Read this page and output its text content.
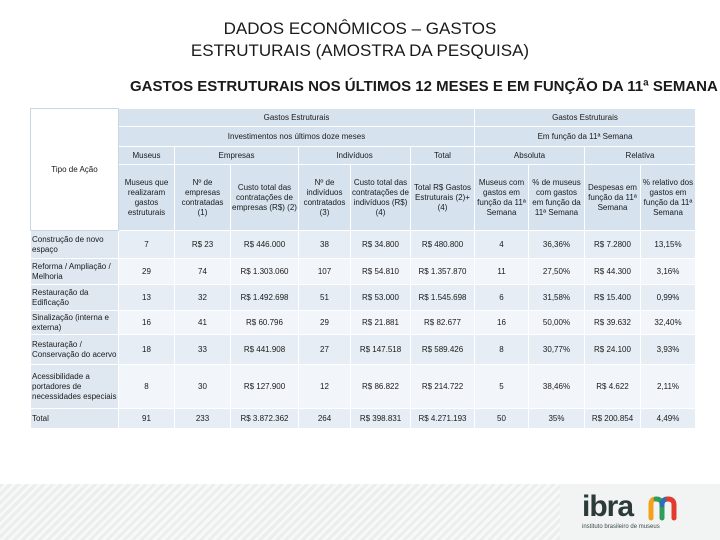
DADOS ECONÔMICOS – GASTOS
ESTRUTURAIS (AMOSTRA DA PESQUISA)
GASTOS ESTRUTURAIS NOS ÚLTIMOS 12 MESES E EM FUNÇÃO DA 11ª SEMANA
Tipo de Ação	Gastos Estruturais						Gastos Estruturais			
	Investimentos nos últimos doze meses						Em função da 11ª Semana			
	Museus	Empresas		Indivíduos		Total	Absoluta		Relativa	
	Museus que realizaram gastos estruturais	Nº de empresas contratadas (1)	Custo total das contratações de empresas (R$) (2)	Nº de indivíduos contratados (3)	Custo total das contratações de indivíduos (R$) (4)	Total R$ Gastos Estruturais (2)+(4)	Museus com gastos em função da 11ª Semana	% de museus com gastos em função da 11ª Semana	Despesas em função da 11ª Semana	% relativo dos gastos em função da 11ª Semana
Construção de novo espaço	7	R$ 23	R$ 446.000	38	R$ 34.800	R$ 480.800	4	36,36%	R$ 7.2800	13,15%
Reforma / Ampliação / Melhoria	29	74	R$ 1.303.060	107	R$ 54.810	R$ 1.357.870	11	27,50%	R$ 44.300	3,16%
Restauração da Edificação	13	32	R$ 1.492.698	51	R$ 53.000	R$ 1.545.698	6	31,58%	R$ 15.400	0,99%
Sinalização (interna e externa)	16	41	R$ 60.796	29	R$ 21.881	R$ 82.677	16	50,00%	R$ 39.632	32,40%
Restauração / Conservação do acervo	18	33	R$ 441.908	27	R$ 147.518	R$ 589.426	8	30,77%	R$ 24.100	3,93%
Acessibilidade a portadores de necessidades especiais	8	30	R$ 127.900	12	R$ 86.822	R$ 214.722	5	38,46%	R$ 4.622	2,11%
Total	91	233	R$ 3.872.362	264	R$ 398.831	R$ 4.271.193	50	35%	R$ 200.854	4,49%
ibra
instituto brasileiro de museus
